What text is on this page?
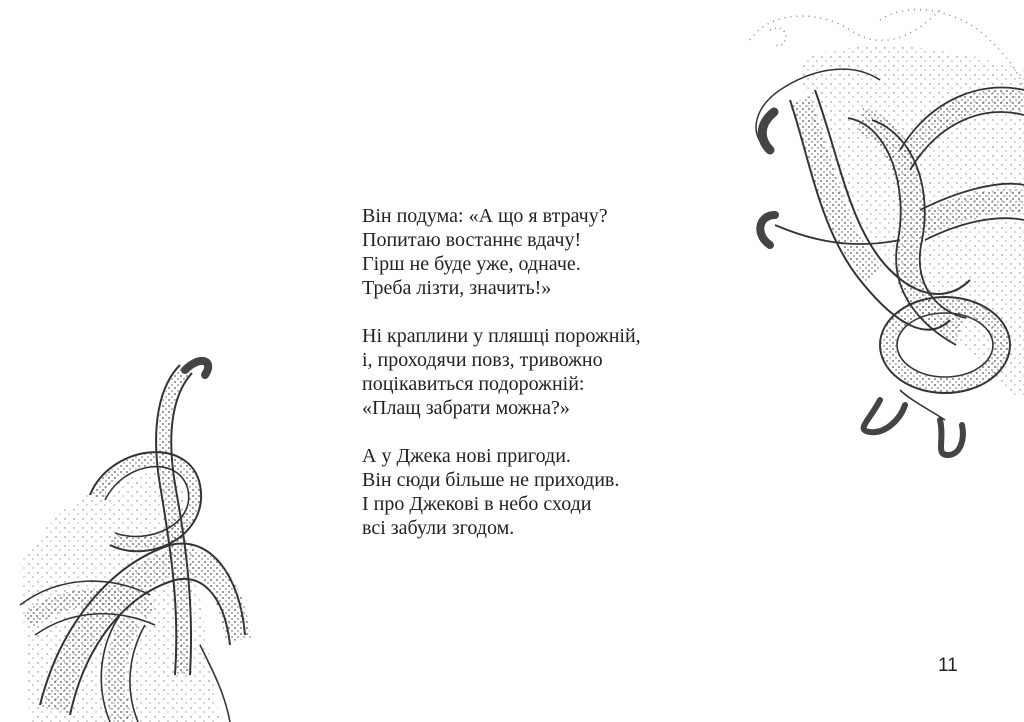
Він подума: «А що я втрачу?
Попитаю востаннє вдачу!
Гірш не буде уже, одначе.
Треба лізти, значить!»
Ні краплини у пляшці порожній,
і, проходячи повз, тривожно
поцікавиться подорожній:
«Плащ забрати можна?»
А у Джека нові пригоди.
Він сюди більше не приходив.
І про Джекові в небо сходи
всі забули згодом.
11
